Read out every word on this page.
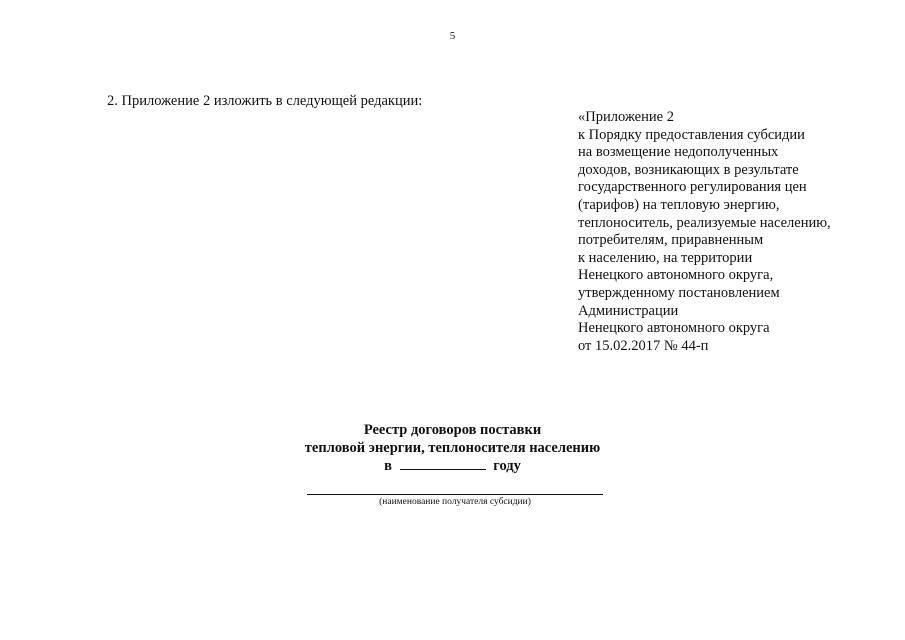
5
2. Приложение 2 изложить в следующей редакции:
«Приложение 2
к Порядку предоставления субсидии
на возмещение недополученных
доходов, возникающих в результате
государственного регулирования цен
(тарифов) на тепловую энергию,
теплоноситель, реализуемые населению,
потребителям, приравненным
к населению, на территории
Ненецкого автономного округа,
утвержденному постановлением
Администрации
Ненецкого автономного округа
от 15.02.2017 № 44-п
Реестр договоров поставки
тепловой энергии, теплоносителя населению
в	году
(наименование получателя субсидии)
